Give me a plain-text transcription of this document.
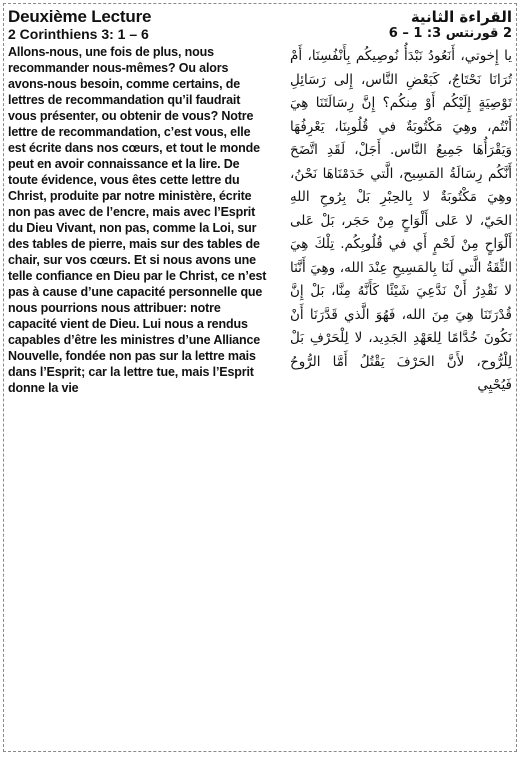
Deuxième Lecture
2 Corinthiens 3: 1 – 6

Allons-nous, une fois de plus, nous recommander nous-mêmes? Ou alors avons-nous besoin, comme certains, de lettres de recommandation qu’il faudrait vous présenter, ou obtenir de vous? Notre lettre de recommandation, c’est vous, elle est écrite dans nos cœurs, et tout le monde peut en avoir connaissance et la lire. De toute évidence, vous êtes cette lettre du Christ, produite par notre ministère, écrite non pas avec de l’encre, mais avec l’Esprit du Dieu Vivant, non pas, comme la Loi, sur des tables de pierre, mais sur des tables de chair, sur vos cœurs. Et si nous avons une telle confiance en Dieu par le Christ, ce n’est pas à cause d’une capacité personnelle que nous pourrions nous attribuer: notre capacité vient de Dieu. Lui nous a rendus capables d’être les ministres d’une Alliance Nouvelle, fondée non pas sur la lettre mais dans l’Esprit; car la lettre tue, mais l’Esprit donne la vie

القراءة الثانية
2 قورنتس 3: 1 – 6

يا إِخوتي، أَنَعُودُ نَبْدَأُ نُوصِيكُم بِأَنْفُسِنَا، أَمْ تُرَانَا نَحْتَاجُ، كَبَعْضِ النَّاس، إِلى رَسَائِلِ تَوْصِيَةٍ إِلَيْكُم أَوْ مِنكُم؟ إِنَّ رِسَالَتَنَا هِيَ أَنْتُم، وهِيَ مَكْتُوبَةٌ في قُلُوبِنَا، يَعْرِفُهَا وَيَقْرَأُهَا جَمِيعُ النَّاس. أَجَلْ، لَقَدِ اتَّضَحَ أَنَّكُم رِسَالَةُ المَسِيح، الَّتي خَدَمْنَاهَا نَحْنُ، وهِيَ مَكْتُوبَةٌ لا بِالحِبْرِ بَلْ بِرُوحِ اللهِ الحَيّ، لا عَلى أَلْوَاحٍ مِنْ حَجَر، بَلْ عَلى أَلْوَاحٍ مِنْ لَحْمٍ أَي في قُلُوبِكُم. تِلْكَ هِيَ الثِّقَةُ الَّتي لَنَا بِالمَسِيحِ عِنْدَ الله، وهِيَ أَنَّنَا لا نَقْدِرُ أَنْ نَدَّعِيَ شَيْئًا كَأَنَّهُ مِنَّا، بَلْ إِنَّ قُدْرَتَنَا هِيَ مِنَ الله، فَهُوَ الَّذي قَدَّرَنَا أَنْ نَكُونَ خُدَّامًا لِلعَهْدِ الجَدِيد، لا لِلْحَرْفِ بَلْ لِلْرُّوح، لأَنَّ الحَرْفَ يَقْتُلُ أَمَّا الرُّوحُ فَيُحْيِي
